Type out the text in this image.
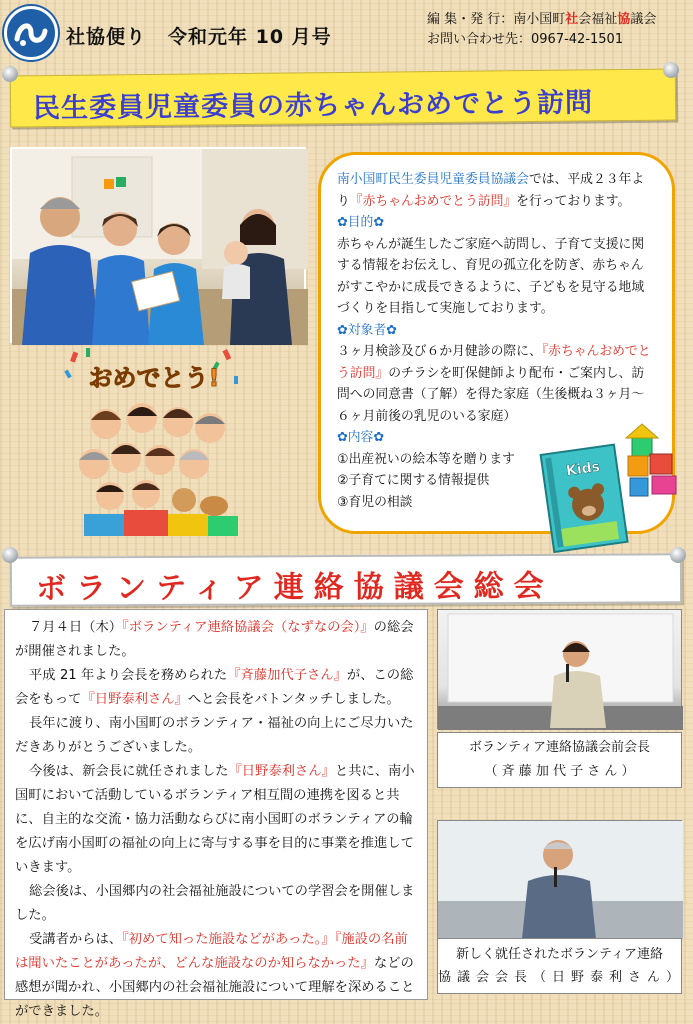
社協便り 令和元年 10 月号
編 集・発 行：南小国町社会福祉協議会
お問い合わせ先：0967-42-1501
民生委員児童委員の赤ちゃんおめでとう訪問
おめでとう!

南小国町民生委員児童委員協議会では、平成２３年より『赤ちゃんおめでとう訪問』を行っております。

✿目的✿

赤ちゃんが誕生したご家庭へ訪問し、子育て支援に関する情報をお伝えし、育児の孤立化を防ぎ、赤ちゃんがすこやかに成長できるように、子どもを見守る地域づくりを目指して実施しております。

✿対象者✿

３ヶ月検診及び６か月健診の際に、『赤ちゃんおめでとう訪問』のチラシを町保健師より配布・ご案内し、訪問への同意書（了解）を得た家庭（生後概ね３ヶ月～６ヶ月前後の乳児のいる家庭）

✿内容✿

①出産祝いの絵本等を贈ります

②子育てに関する情報提供

③育児の相談

Kids
ボランティア連絡協議会総会

７月４日（木）『ボランティア連絡協議会（なずなの会）』の総会が開催されました。

平成 21 年より会長を務められた『斉藤加代子さん』が、この総会をもって『日野泰利さん』へと会長をバトンタッチしました。

長年に渡り、南小国町のボランティア・福祉の向上にご尽力いただきありがとうございました。

今後は、新会長に就任されました『日野泰利さん』と共に、南小国町において活動しているボランティア相互間の連携を図ると共に、自主的な交流・協力活動ならびに南小国町のボランティアの輪を広げ南小国町の福祉の向上に寄与する事を目的に事業を推進していきます。

総会後は、小国郷内の社会福祉施設についての学習会を開催しました。

受講者からは、『初めて知った施設などがあった。』『施設の名前は聞いたことがあったが、どんな施設なのか知らなかった』などの感想が聞かれ、小国郷内の社会福祉施設について理解を深めることができました。

ボランティア連絡協議会前会長
（ 斉 藤 加 代 子 さ ん ）
新しく就任されたボランティア連絡
協議会会長（日野泰利さん）
